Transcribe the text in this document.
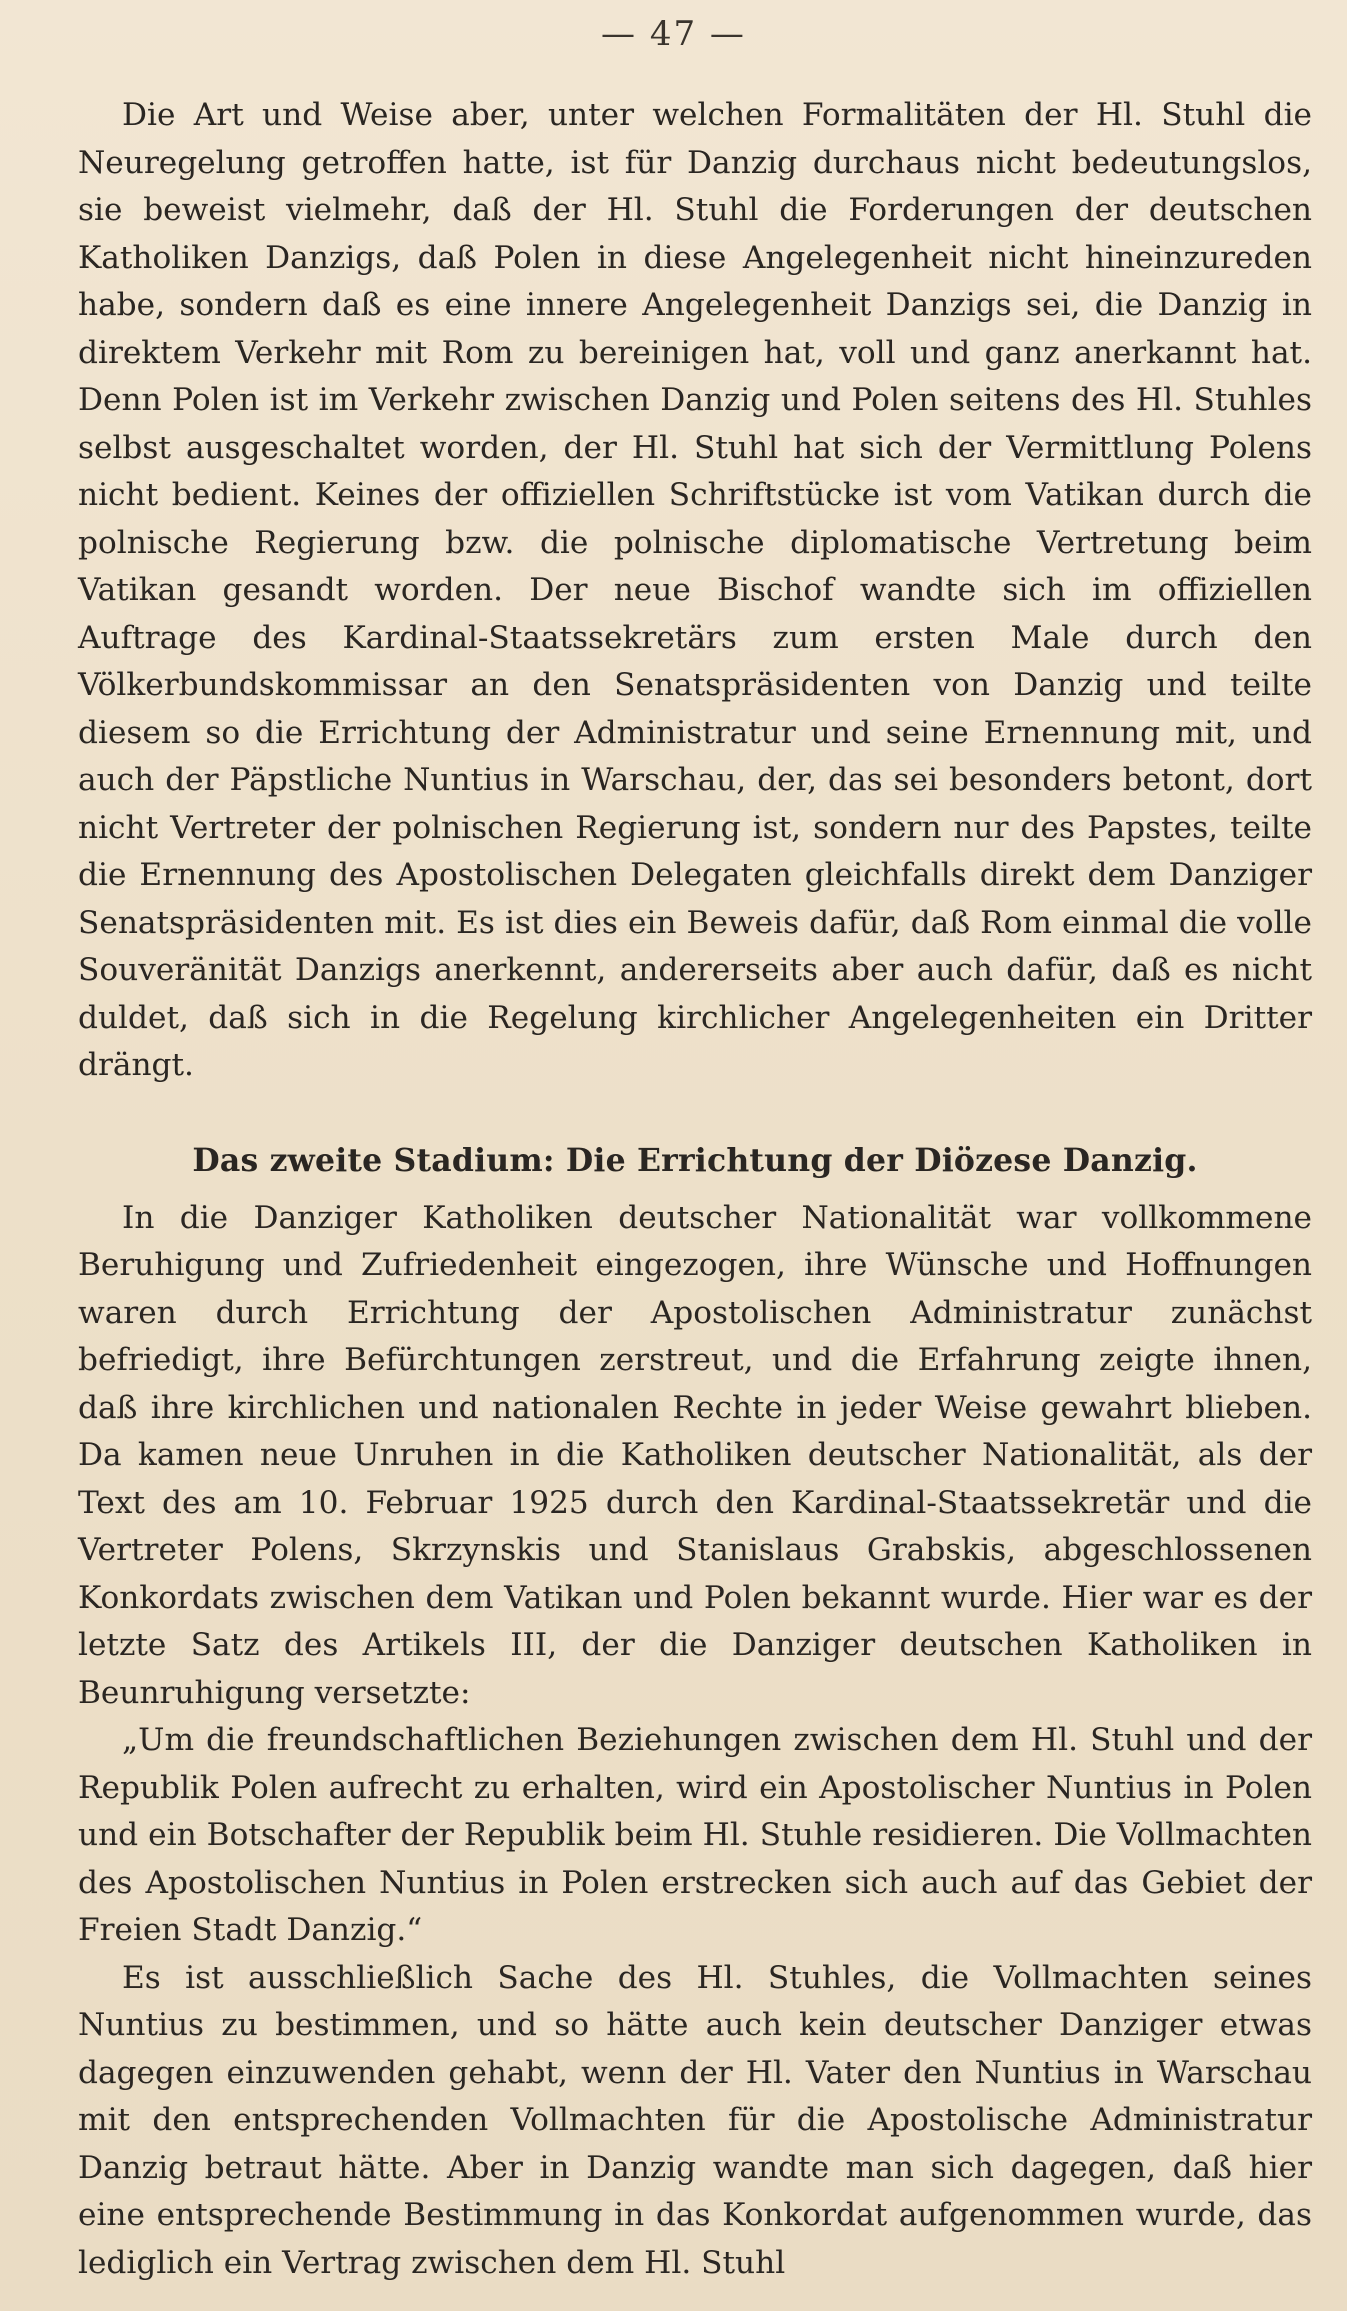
— 47 —

Die Art und Weise aber, unter welchen Formalitäten der Hl. Stuhl die Neuregelung getroffen hatte, ist für Danzig durchaus nicht bedeutungslos, sie beweist vielmehr, daß der Hl. Stuhl die Forderungen der deutschen Katholiken Danzigs, daß Polen in diese Angelegenheit nicht hineinzureden habe, sondern daß es eine innere Angelegenheit Danzigs sei, die Danzig in direktem Verkehr mit Rom zu bereinigen hat, voll und ganz anerkannt hat. Denn Polen ist im Verkehr zwischen Danzig und Polen seitens des Hl. Stuhles selbst ausgeschaltet worden, der Hl. Stuhl hat sich der Vermittlung Polens nicht bedient. Keines der offiziellen Schriftstücke ist vom Vatikan durch die polnische Regierung bzw. die polnische diplomatische Vertretung beim Vatikan gesandt worden. Der neue Bischof wandte sich im offiziellen Auftrage des Kardinal-Staatssekretärs zum ersten Male durch den Völkerbundskommissar an den Senatspräsidenten von Danzig und teilte diesem so die Errichtung der Administratur und seine Ernennung mit, und auch der Päpstliche Nuntius in Warschau, der, das sei besonders betont, dort nicht Vertreter der polnischen Regierung ist, sondern nur des Papstes, teilte die Ernennung des Apostolischen Delegaten gleichfalls direkt dem Danziger Senatspräsidenten mit. Es ist dies ein Beweis dafür, daß Rom einmal die volle Souveränität Danzigs anerkennt, andererseits aber auch dafür, daß es nicht duldet, daß sich in die Regelung kirchlicher Angelegenheiten ein Dritter drängt.

Das zweite Stadium: Die Errichtung der Diözese Danzig.

In die Danziger Katholiken deutscher Nationalität war vollkommene Beruhigung und Zufriedenheit eingezogen, ihre Wünsche und Hoffnungen waren durch Errichtung der Apostolischen Administratur zunächst befriedigt, ihre Befürchtungen zerstreut, und die Erfahrung zeigte ihnen, daß ihre kirchlichen und nationalen Rechte in jeder Weise gewahrt blieben. Da kamen neue Unruhen in die Katholiken deutscher Nationalität, als der Text des am 10. Februar 1925 durch den Kardinal-Staatssekretär und die Vertreter Polens, Skrzynskis und Stanislaus Grabskis, abgeschlossenen Konkordats zwischen dem Vatikan und Polen bekannt wurde. Hier war es der letzte Satz des Artikels III, der die Danziger deutschen Katholiken in Beunruhigung versetzte:

„Um die freundschaftlichen Beziehungen zwischen dem Hl. Stuhl und der Republik Polen aufrecht zu erhalten, wird ein Apostolischer Nuntius in Polen und ein Botschafter der Republik beim Hl. Stuhle residieren. Die Vollmachten des Apostolischen Nuntius in Polen erstrecken sich auch auf das Gebiet der Freien Stadt Danzig.“

Es ist ausschließlich Sache des Hl. Stuhles, die Vollmachten seines Nuntius zu bestimmen, und so hätte auch kein deutscher Danziger etwas dagegen einzuwenden gehabt, wenn der Hl. Vater den Nuntius in Warschau mit den entsprechenden Vollmachten für die Apostolische Administratur Danzig betraut hätte. Aber in Danzig wandte man sich dagegen, daß hier eine entsprechende Bestimmung in das Konkordat aufgenommen wurde, das lediglich ein Vertrag zwischen dem Hl. Stuhl
